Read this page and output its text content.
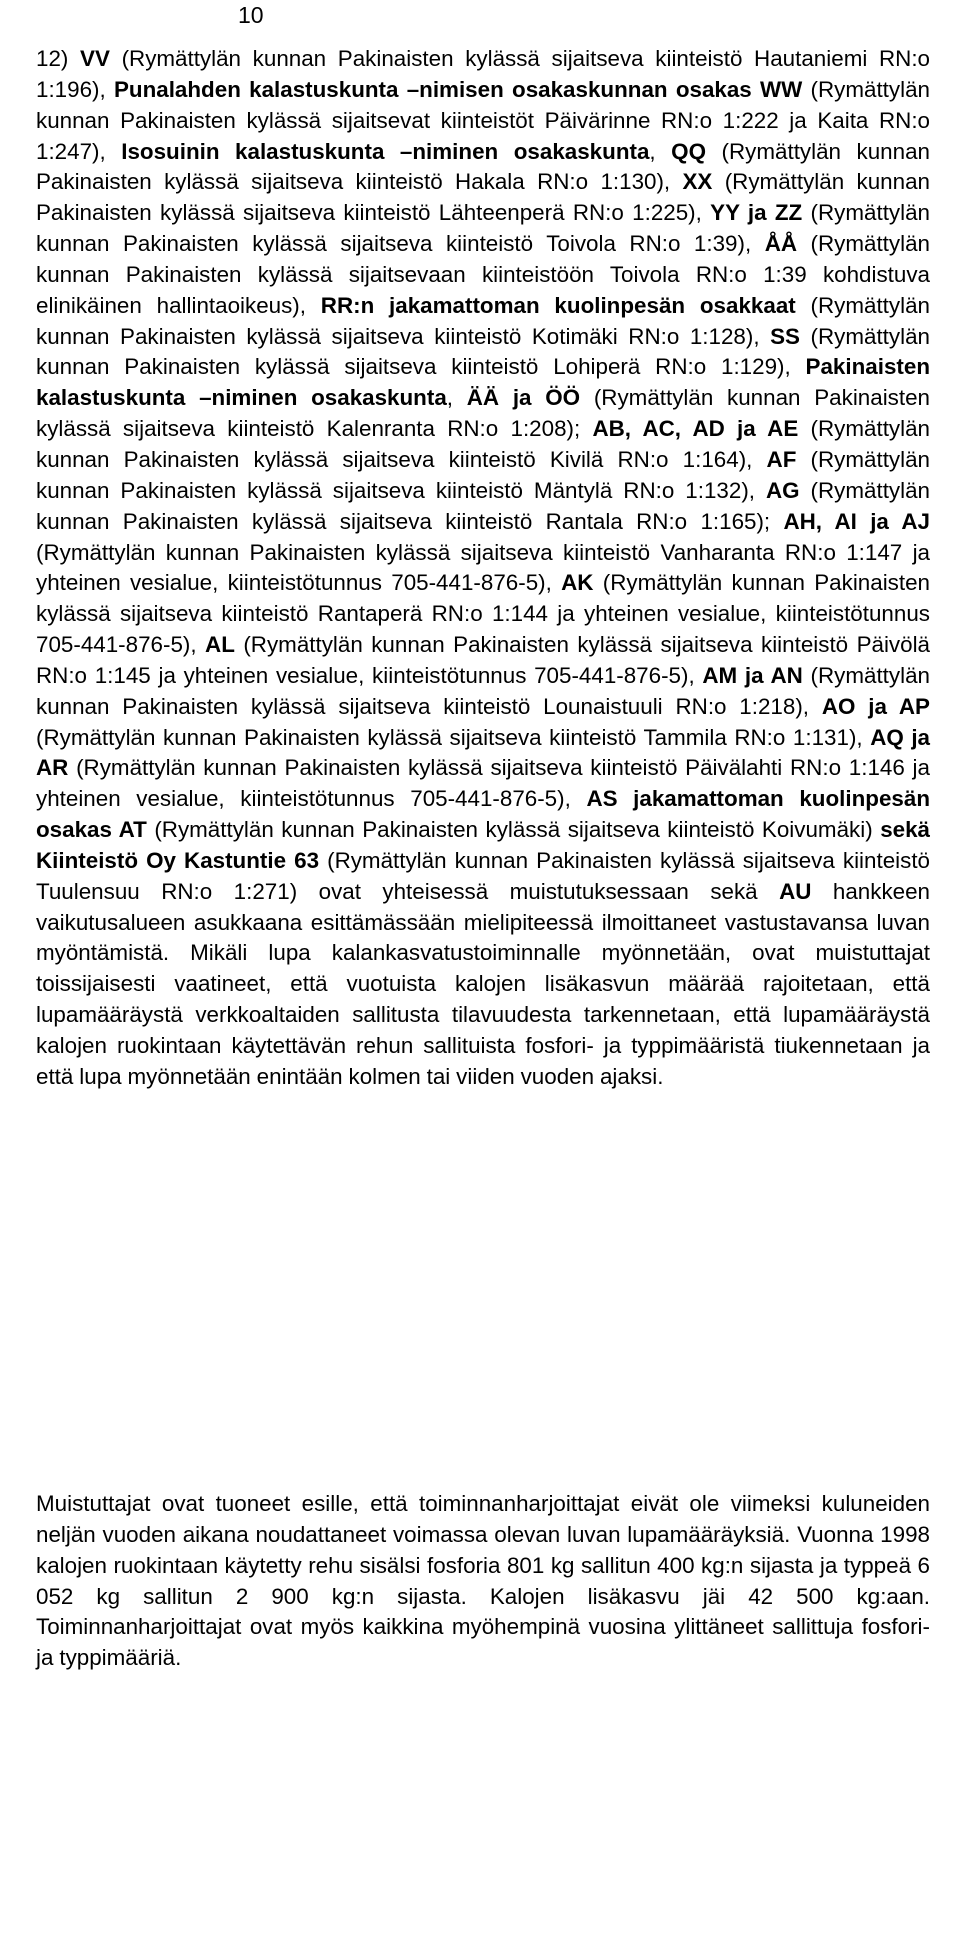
10

12) VV (Rymättylän kunnan Pakinaisten kylässä sijaitseva kiinteistö Hautaniemi RN:o 1:196), Punalahden kalastuskunta –nimisen osakaskunnan osakas WW (Rymättylän kunnan Pakinaisten kylässä sijaitsevat kiinteistöt Päivärinne RN:o 1:222 ja Kaita RN:o 1:247), Isosuinin kalastuskunta –niminen osakaskunta, QQ (Rymättylän kunnan Pakinaisten kylässä sijaitseva kiinteistö Hakala RN:o 1:130), XX (Rymättylän kunnan Pakinaisten kylässä sijaitseva kiinteistö Lähteenperä RN:o 1:225), YY ja ZZ (Rymättylän kunnan Pakinaisten kylässä sijaitseva kiinteistö Toivola RN:o 1:39), ÅÅ (Rymättylän kunnan Pakinaisten kylässä sijaitsevaan kiinteistöön Toivola RN:o 1:39 kohdistuva elinikäinen hallintaoikeus), RR:n jakamattoman kuolinpesän osakkaat (Rymättylän kunnan Pakinaisten kylässä sijaitseva kiinteistö Kotimäki RN:o 1:128), SS (Rymättylän kunnan Pakinaisten kylässä sijaitseva kiinteistö Lohiperä RN:o 1:129), Pakinaisten kalastuskunta –niminen osakaskunta, ÄÄ ja ÖÖ (Rymättylän kunnan Pakinaisten kylässä sijaitseva kiinteistö Kalenranta RN:o 1:208); AB, AC, AD ja AE (Rymättylän kunnan Pakinaisten kylässä sijaitseva kiinteistö Kivilä RN:o 1:164), AF (Rymättylän kunnan Pakinaisten kylässä sijaitseva kiinteistö Mäntylä RN:o 1:132), AG (Rymättylän kunnan Pakinaisten kylässä sijaitseva kiinteistö Rantala RN:o 1:165); AH, AI ja AJ (Rymättylän kunnan Pakinaisten kylässä sijaitseva kiinteistö Vanharanta RN:o 1:147 ja yhteinen vesialue, kiinteistötunnus 705-441-876-5), AK (Rymättylän kunnan Pakinaisten kylässä sijaitseva kiinteistö Rantaperä RN:o 1:144 ja yhteinen vesialue, kiinteistötunnus 705-441-876-5), AL (Rymättylän kunnan Pakinaisten kylässä sijaitseva kiinteistö Päivölä RN:o 1:145 ja yhteinen vesialue, kiinteistötunnus 705-441-876-5), AM ja AN (Rymättylän kunnan Pakinaisten kylässä sijaitseva kiinteistö Lounaistuuli RN:o 1:218), AO ja AP (Rymättylän kunnan Pakinaisten kylässä sijaitseva kiinteistö Tammila RN:o 1:131), AQ ja AR (Rymättylän kunnan Pakinaisten kylässä sijaitseva kiinteistö Päivälahti RN:o 1:146 ja yhteinen vesialue, kiinteistötunnus 705-441-876-5), AS jakamattoman kuolinpesän osakas AT (Rymättylän kunnan Pakinaisten kylässä sijaitseva kiinteistö Koivumäki) sekä Kiinteistö Oy Kastuntie 63 (Rymättylän kunnan Pakinaisten kylässä sijaitseva kiinteistö Tuulensuu RN:o 1:271) ovat yhteisessä muistutuksessaan sekä AU hankkeen vaikutusalueen asukkaana esittämässään mielipiteessä ilmoittaneet vastustavansa luvan myöntämistä. Mikäli lupa kalankasvatustoiminnalle myönnetään, ovat muistuttajat toissijaisesti vaatineet, että vuotuista kalojen lisäkasvun määrää rajoitetaan, että lupamääräystä verkkoaltaiden sallitusta tilavuudesta tarkennetaan, että lupamääräystä kalojen ruokintaan käytettävän rehun sallituista fosfori- ja typpimääristä tiukennetaan ja että lupa myönnetään enintään kolmen tai viiden vuoden ajaksi.

Muistuttajat ovat tuoneet esille, että toiminnanharjoittajat eivät ole viimeksi kuluneiden neljän vuoden aikana noudattaneet voimassa olevan luvan lupamääräyksiä. Vuonna 1998 kalojen ruokintaan käytetty rehu sisälsi fosforia 801 kg sallitun 400 kg:n sijasta ja typpeä 6 052 kg sallitun 2 900 kg:n sijasta. Kalojen lisäkasvu jäi 42 500 kg:aan. Toiminnanharjoittajat ovat myös kaikkina myöhempinä vuosina ylittäneet sallittuja fosfori- ja typpimääriä.
